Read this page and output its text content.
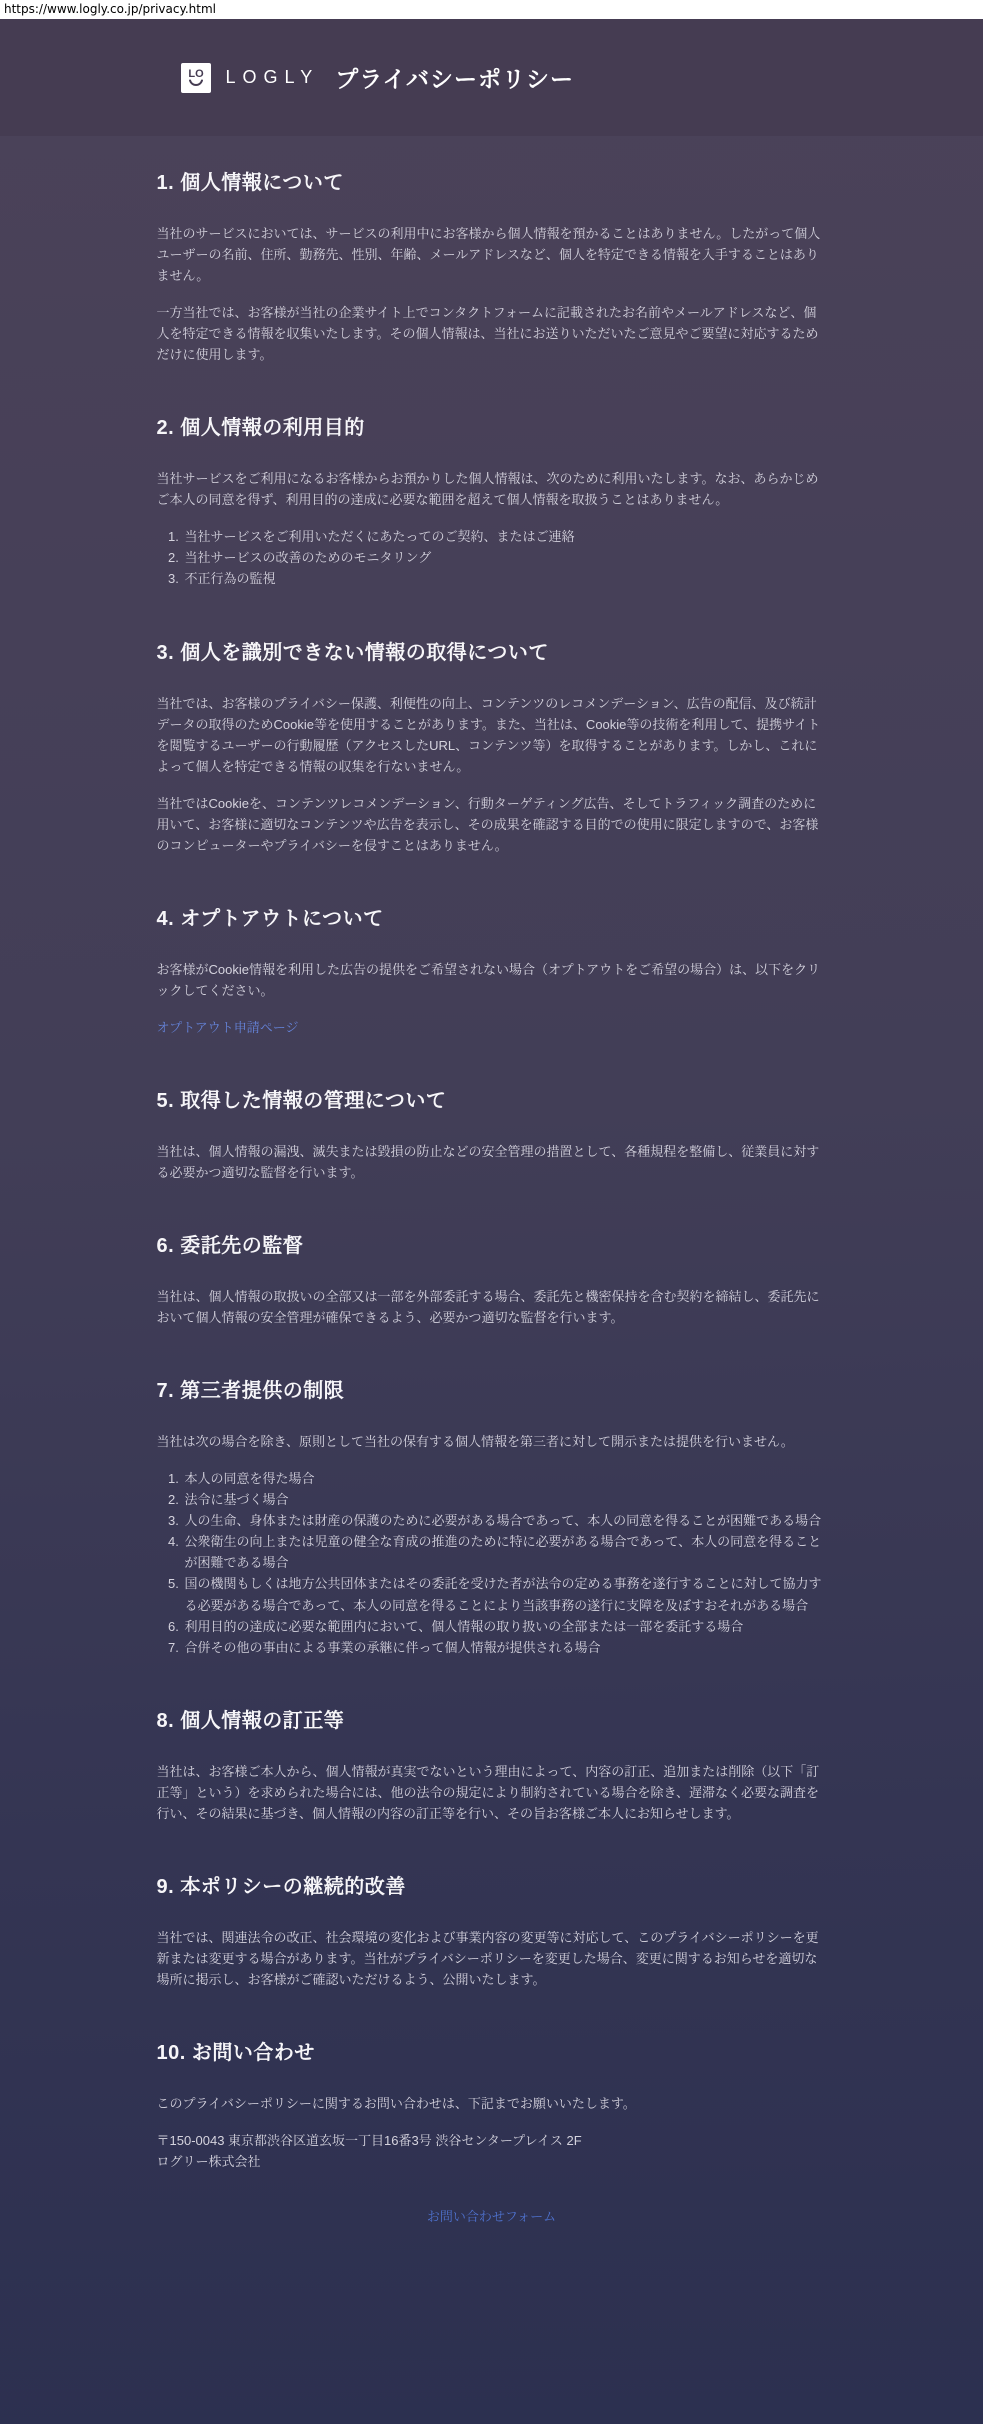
https://www.logly.co.jp/privacy.html
LO LOGLY プライバシーポリシー
1. 個人情報について

当社のサービスにおいては、サービスの利用中にお客様から個人情報を預かることはありません。したがって個人ユーザーの名前、住所、勤務先、性別、年齢、メールアドレスなど、個人を特定できる情報を入手することはありません。

一方当社では、お客様が当社の企業サイト上でコンタクトフォームに記載されたお名前やメールアドレスなど、個人を特定できる情報を収集いたします。その個人情報は、当社にお送りいただいたご意見やご要望に対応するためだけに使用します。

2. 個人情報の利用目的

当社サービスをご利用になるお客様からお預かりした個人情報は、次のために利用いたします。なお、あらかじめご本人の同意を得ず、利用目的の達成に必要な範囲を超えて個人情報を取扱うことはありません。

1. 当社サービスをご利用いただくにあたってのご契約、またはご連絡
2. 当社サービスの改善のためのモニタリング
3. 不正行為の監視
3. 個人を識別できない情報の取得について

当社では、お客様のプライバシー保護、利便性の向上、コンテンツのレコメンデーション、広告の配信、及び統計データの取得のためCookie等を使用することがあります。また、当社は、Cookie等の技術を利用して、提携サイトを閲覧するユーザーの行動履歴（アクセスしたURL、コンテンツ等）を取得することがあります。しかし、これによって個人を特定できる情報の収集を行ないません。

当社ではCookieを、コンテンツレコメンデーション、行動ターゲティング広告、そしてトラフィック調査のために用いて、お客様に適切なコンテンツや広告を表示し、その成果を確認する目的での使用に限定しますので、お客様のコンピューターやプライバシーを侵すことはありません。

4. オプトアウトについて

お客様がCookie情報を利用した広告の提供をご希望されない場合（オプトアウトをご希望の場合）は、以下をクリックしてください。

オプトアウト申請ページ

5. 取得した情報の管理について

当社は、個人情報の漏洩、滅失または毀損の防止などの安全管理の措置として、各種規程を整備し、従業員に対する必要かつ適切な監督を行います。

6. 委託先の監督

当社は、個人情報の取扱いの全部又は一部を外部委託する場合、委託先と機密保持を含む契約を締結し、委託先において個人情報の安全管理が確保できるよう、必要かつ適切な監督を行います。

7. 第三者提供の制限

当社は次の場合を除き、原則として当社の保有する個人情報を第三者に対して開示または提供を行いません。

1. 本人の同意を得た場合
2. 法令に基づく場合
3. 人の生命、身体または財産の保護のために必要がある場合であって、本人の同意を得ることが困難である場合
4. 公衆衛生の向上または児童の健全な育成の推進のために特に必要がある場合であって、本人の同意を得ることが困難である場合
5. 国の機関もしくは地方公共団体またはその委託を受けた者が法令の定める事務を遂行することに対して協力する必要がある場合であって、本人の同意を得ることにより当該事務の遂行に支障を及ぼすおそれがある場合
6. 利用目的の達成に必要な範囲内において、個人情報の取り扱いの全部または一部を委託する場合
7. 合併その他の事由による事業の承継に伴って個人情報が提供される場合
8. 個人情報の訂正等

当社は、お客様ご本人から、個人情報が真実でないという理由によって、内容の訂正、追加または削除（以下「訂正等」という）を求められた場合には、他の法令の規定により制約されている場合を除き、遅滞なく必要な調査を行い、その結果に基づき、個人情報の内容の訂正等を行い、その旨お客様ご本人にお知らせします。

9. 本ポリシーの継続的改善

当社では、関連法令の改正、社会環境の変化および事業内容の変更等に対応して、このプライバシーポリシーを更新または変更する場合があります。当社がプライバシーポリシーを変更した場合、変更に関するお知らせを適切な場所に掲示し、お客様がご確認いただけるよう、公開いたします。

10. お問い合わせ

このプライバシーポリシーに関するお問い合わせは、下記までお願いいたします。

〒150-0043 東京都渋谷区道玄坂一丁目16番3号 渋谷センタープレイス 2F
ログリー株式会社

お問い合わせフォーム
